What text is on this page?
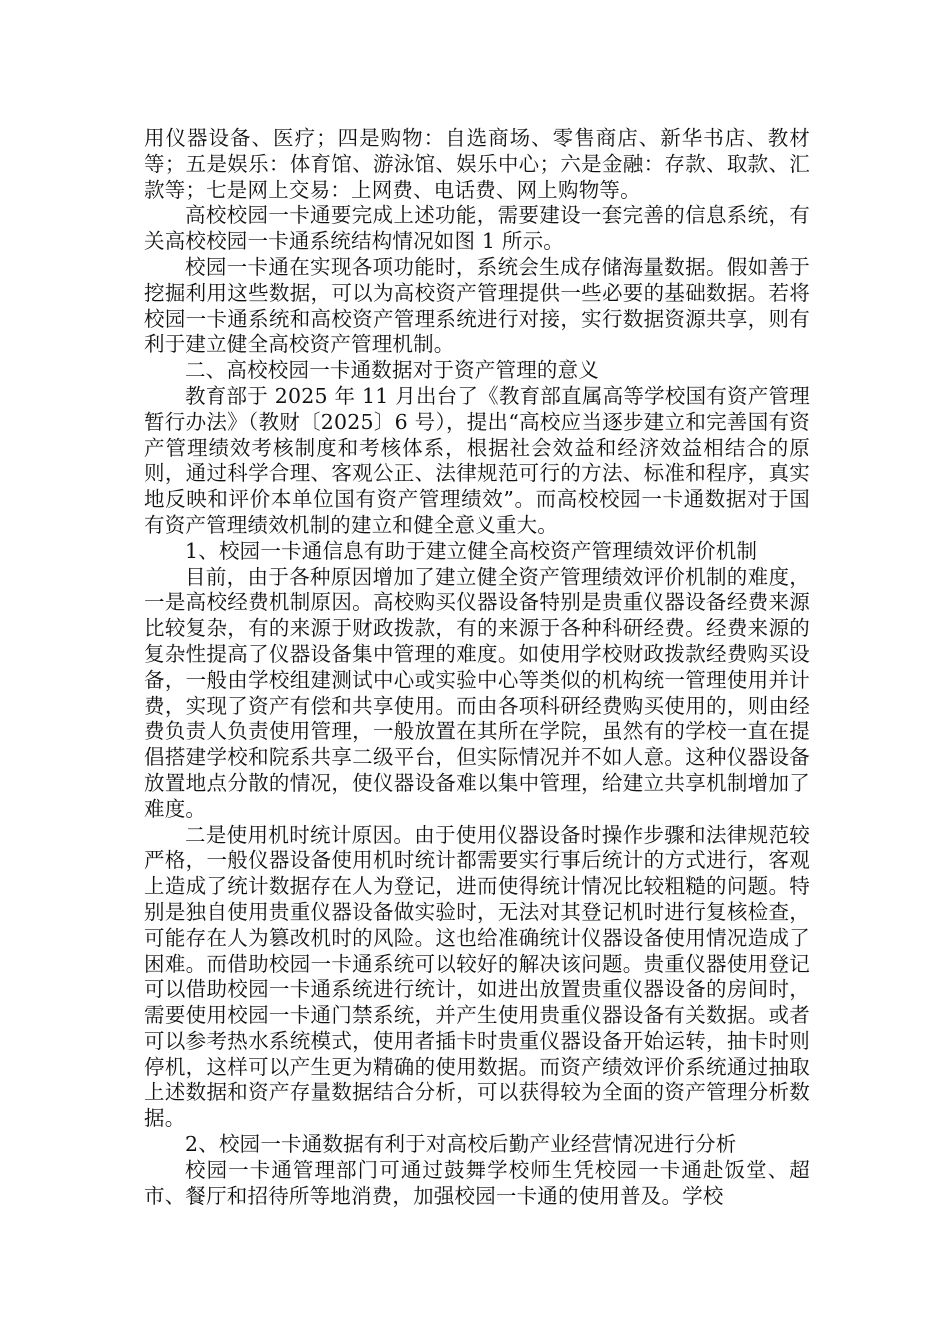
用仪器设备、医疗；四是购物：自选商场、零售商店、新华书店、教材等；五是娱乐：体育馆、游泳馆、娱乐中心；六是金融：存款、取款、汇款等；七是网上交易：上网费、电话费、网上购物等。

高校校园一卡通要完成上述功能，需要建设一套完善的信息系统，有关高校校园一卡通系统结构情况如图 1 所示。

校园一卡通在实现各项功能时，系统会生成存储海量数据。假如善于挖掘利用这些数据，可以为高校资产管理提供一些必要的基础数据。若将校园一卡通系统和高校资产管理系统进行对接，实行数据资源共享，则有利于建立健全高校资产管理机制。

二、高校校园一卡通数据对于资产管理的意义

教育部于 2025 年 11 月出台了《教育部直属高等学校国有资产管理暂行办法》（教财〔2025〕6 号），提出“高校应当逐步建立和完善国有资产管理绩效考核制度和考核体系，根据社会效益和经济效益相结合的原则，通过科学合理、客观公正、法律规范可行的方法、标准和程序，真实地反映和评价本单位国有资产管理绩效”。而高校校园一卡通数据对于国有资产管理绩效机制的建立和健全意义重大。

1、校园一卡通信息有助于建立健全高校资产管理绩效评价机制

目前，由于各种原因增加了建立健全资产管理绩效评价机制的难度，一是高校经费机制原因。高校购买仪器设备特别是贵重仪器设备经费来源比较复杂，有的来源于财政拨款，有的来源于各种科研经费。经费来源的复杂性提高了仪器设备集中管理的难度。如使用学校财政拨款经费购买设备，一般由学校组建测试中心或实验中心等类似的机构统一管理使用并计费，实现了资产有偿和共享使用。而由各项科研经费购买使用的，则由经费负责人负责使用管理，一般放置在其所在学院，虽然有的学校一直在提倡搭建学校和院系共享二级平台，但实际情况并不如人意。这种仪器设备放置地点分散的情况，使仪器设备难以集中管理，给建立共享机制增加了难度。

二是使用机时统计原因。由于使用仪器设备时操作步骤和法律规范较严格，一般仪器设备使用机时统计都需要实行事后统计的方式进行，客观上造成了统计数据存在人为登记，进而使得统计情况比较粗糙的问题。特别是独自使用贵重仪器设备做实验时，无法对其登记机时进行复核检查，可能存在人为篡改机时的风险。这也给准确统计仪器设备使用情况造成了困难。而借助校园一卡通系统可以较好的解决该问题。贵重仪器使用登记可以借助校园一卡通系统进行统计，如进出放置贵重仪器设备的房间时，需要使用校园一卡通门禁系统，并产生使用贵重仪器设备有关数据。或者可以参考热水系统模式，使用者插卡时贵重仪器设备开始运转，抽卡时则停机，这样可以产生更为精确的使用数据。而资产绩效评价系统通过抽取上述数据和资产存量数据结合分析，可以获得较为全面的资产管理分析数据。

2、校园一卡通数据有利于对高校后勤产业经营情况进行分析

校园一卡通管理部门可通过鼓舞学校师生凭校园一卡通赴饭堂、超市、餐厅和招待所等地消费，加强校园一卡通的使用普及。学校
